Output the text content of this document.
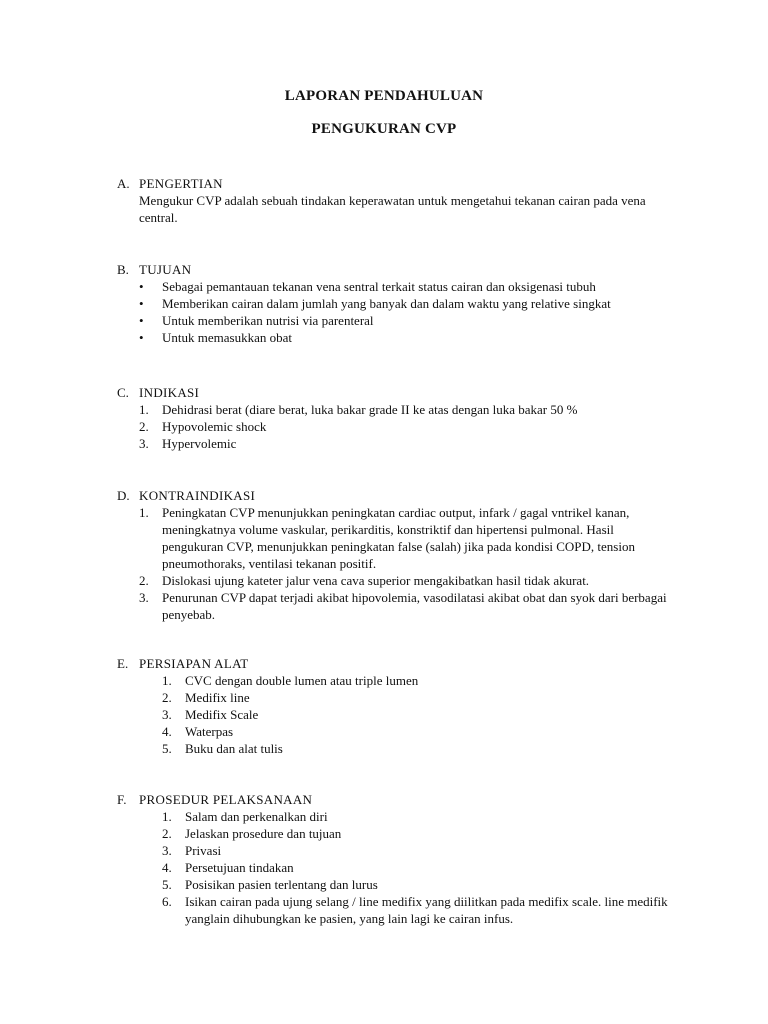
LAPORAN PENDAHULUAN
PENGUKURAN CVP
A. PENGERTIAN
Mengukur CVP adalah sebuah tindakan keperawatan untuk mengetahui tekanan cairan pada vena central.
B. TUJUAN
•	Sebagai pemantauan tekanan vena sentral terkait status cairan dan oksigenasi tubuh
•	Memberikan cairan dalam jumlah yang banyak dan dalam waktu yang relative singkat
•	Untuk memberikan nutrisi via parenteral
•	Untuk memasukkan obat
C. INDIKASI
1.	Dehidrasi berat (diare berat, luka bakar grade II ke atas dengan luka bakar 50 %
2.	Hypovolemic shock
3.	Hypervolemic
D. KONTRAINDIKASI
1.	Peningkatan CVP menunjukkan peningkatan cardiac output, infark / gagal vntrikel kanan, meningkatnya volume vaskular, perikarditis, konstriktif dan hipertensi pulmonal. Hasil pengukuran CVP, menunjukkan peningkatan false (salah) jika pada kondisi COPD, tension pneumothoraks, ventilasi tekanan positif.
2.	Dislokasi ujung kateter jalur vena cava superior mengakibatkan hasil tidak akurat.
3.	Penurunan CVP dapat terjadi akibat hipovolemia, vasodilatasi akibat obat dan syok dari berbagai penyebab.
E. PERSIAPAN ALAT
1.	CVC dengan double lumen atau triple lumen
2.	Medifix line
3.	Medifix Scale
4.	Waterpas
5.	Buku dan alat tulis
F. PROSEDUR PELAKSANAAN
1.	Salam dan perkenalkan diri
2.	Jelaskan prosedure dan tujuan
3.	Privasi
4.	Persetujuan tindakan
5.	Posisikan pasien terlentang dan lurus
6.	Isikan cairan pada ujung selang / line medifix yang diilitkan pada medifix scale. line medifik yanglain dihubungkan ke pasien, yang lain lagi ke cairan infus.
